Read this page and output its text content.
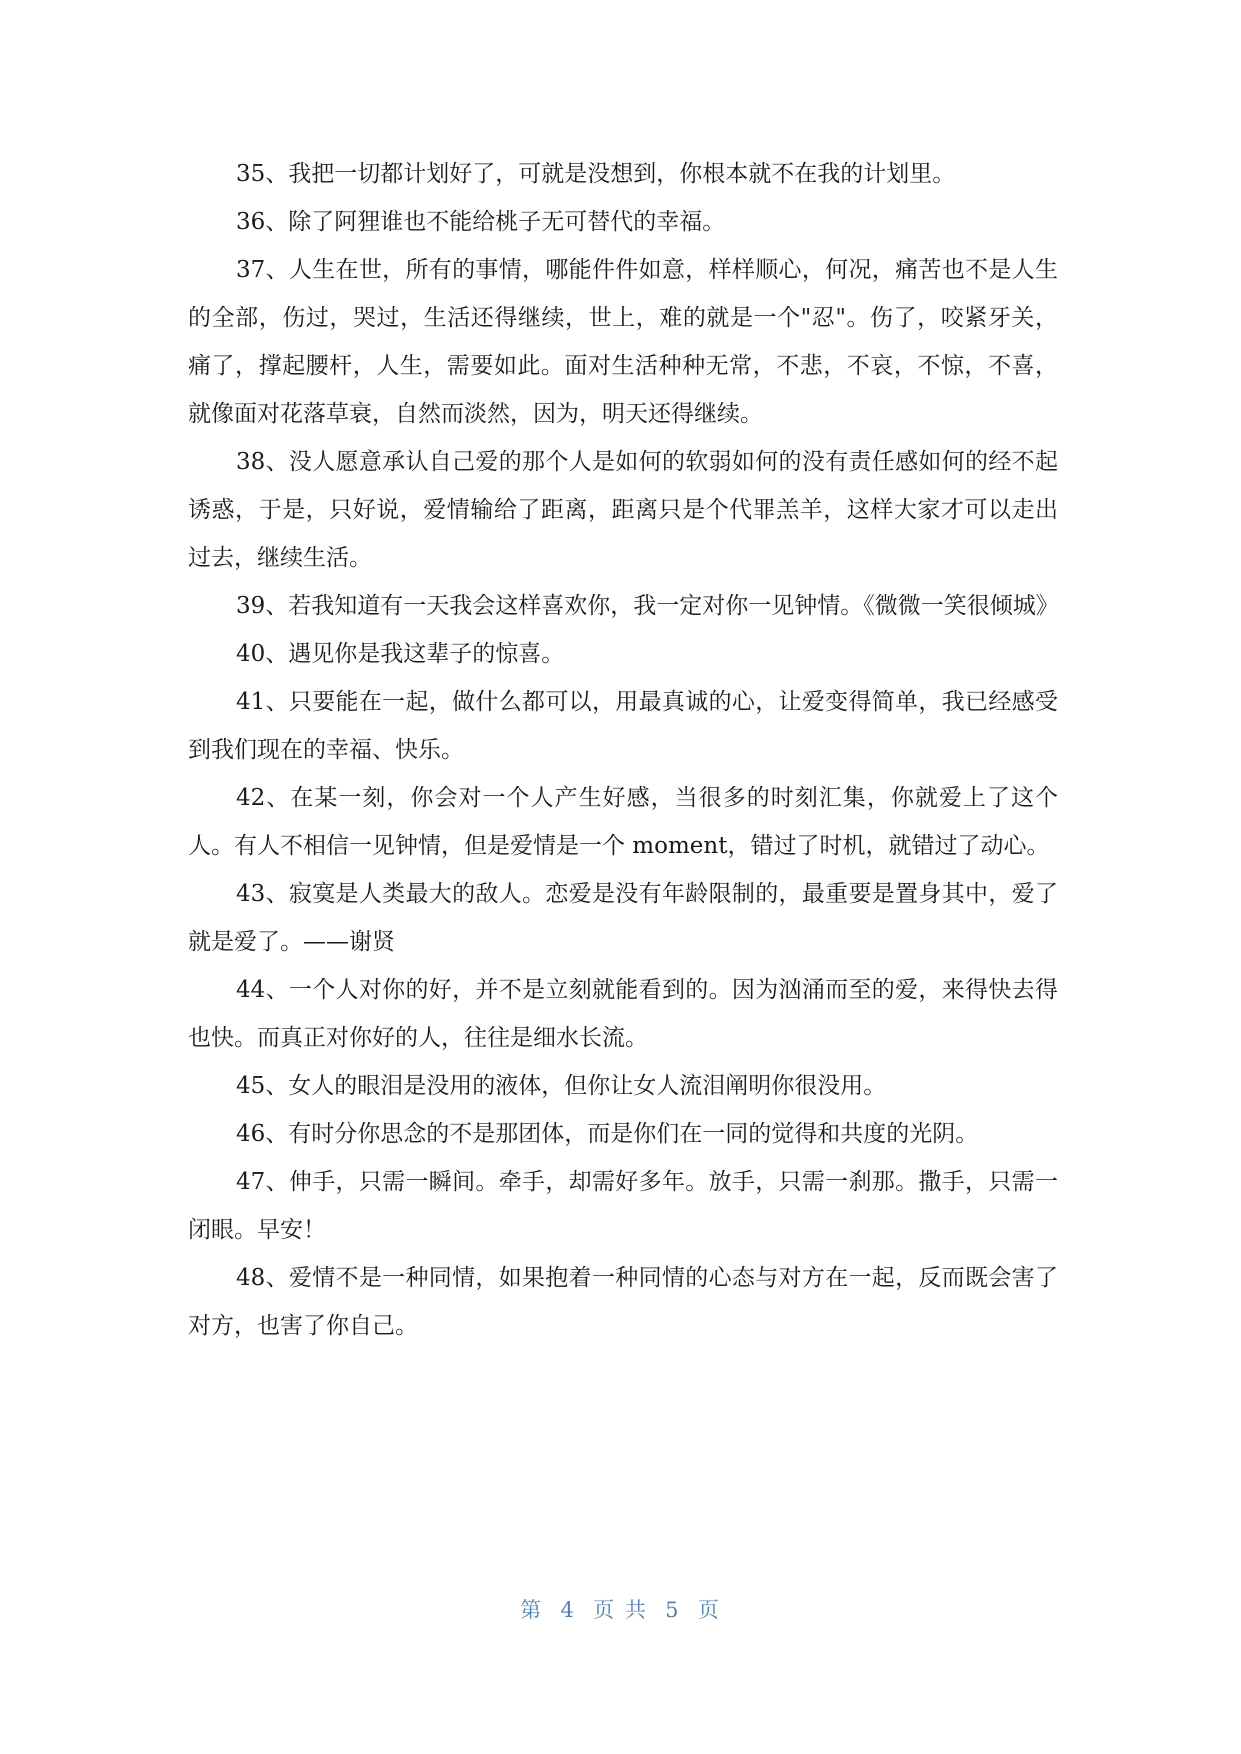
35、我把一切都计划好了，可就是没想到，你根本就不在我的计划里。

36、除了阿狸谁也不能给桃子无可替代的幸福。

37、人生在世，所有的事情，哪能件件如意，样样顺心，何况，痛苦也不是人生的全部，伤过，哭过，生活还得继续，世上，难的就是一个"忍"。伤了，咬紧牙关，痛了，撑起腰杆，人生，需要如此。面对生活种种无常，不悲，不哀，不惊，不喜，就像面对花落草衰，自然而淡然，因为，明天还得继续。

38、没人愿意承认自己爱的那个人是如何的软弱如何的没有责任感如何的经不起诱惑，于是，只好说，爱情输给了距离，距离只是个代罪羔羊，这样大家才可以走出过去，继续生活。

39、若我知道有一天我会这样喜欢你，我一定对你一见钟情。《微微一笑很倾城》

40、遇见你是我这辈子的惊喜。

41、只要能在一起，做什么都可以，用最真诚的心，让爱变得简单，我已经感受到我们现在的幸福、快乐。

42、在某一刻，你会对一个人产生好感，当很多的时刻汇集，你就爱上了这个人。有人不相信一见钟情，但是爱情是一个 moment，错过了时机，就错过了动心。

43、寂寞是人类最大的敌人。恋爱是没有年龄限制的，最重要是置身其中，爱了就是爱了。——谢贤

44、一个人对你的好，并不是立刻就能看到的。因为汹涌而至的爱，来得快去得也快。而真正对你好的人，往往是细水长流。

45、女人的眼泪是没用的液体，但你让女人流泪阐明你很没用。

46、有时分你思念的不是那团体，而是你们在一同的觉得和共度的光阴。

47、伸手，只需一瞬间。牵手，却需好多年。放手，只需一刹那。撒手，只需一闭眼。早安！

48、爱情不是一种同情，如果抱着一种同情的心态与对方在一起，反而既会害了对方，也害了你自己。

第  4  页 共  5  页
